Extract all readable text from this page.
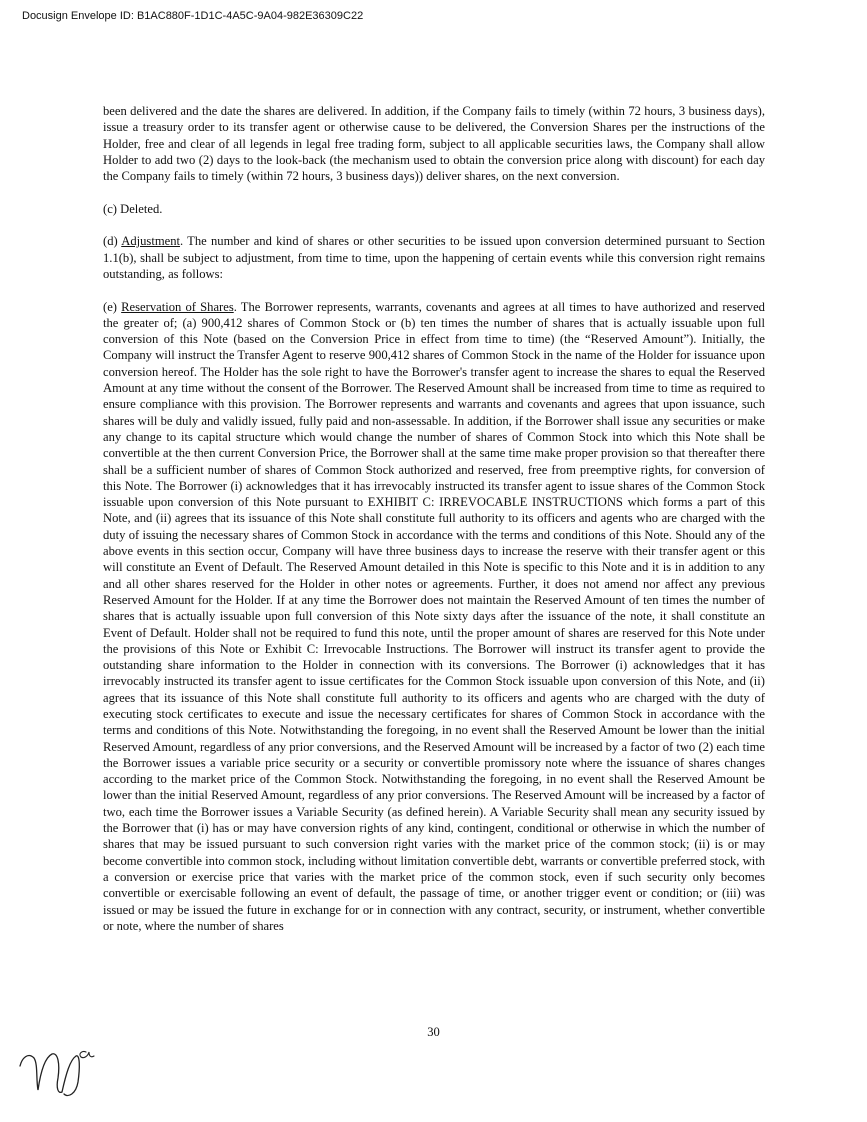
Docusign Envelope ID: B1AC880F-1D1C-4A5C-9A04-982E36309C22

been delivered and the date the shares are delivered. In addition, if the Company fails to timely (within 72 hours, 3 business days), issue a treasury order to its transfer agent or otherwise cause to be delivered, the Conversion Shares per the instructions of the Holder, free and clear of all legends in legal free trading form, subject to all applicable securities laws, the Company shall allow Holder to add two (2) days to the look-back (the mechanism used to obtain the conversion price along with discount) for each day the Company fails to timely (within 72 hours, 3 business days)) deliver shares, on the next conversion.

(c) Deleted.

(d) Adjustment. The number and kind of shares or other securities to be issued upon conversion determined pursuant to Section 1.1(b), shall be subject to adjustment, from time to time, upon the happening of certain events while this conversion right remains outstanding, as follows:

(e) Reservation of Shares. The Borrower represents, warrants, covenants and agrees at all times to have authorized and reserved the greater of; (a) 900,412 shares of Common Stock or (b) ten times the number of shares that is actually issuable upon full conversion of this Note (based on the Conversion Price in effect from time to time) (the “Reserved Amount”). Initially, the Company will instruct the Transfer Agent to reserve 900,412 shares of Common Stock in the name of the Holder for issuance upon conversion hereof. The Holder has the sole right to have the Borrower's transfer agent to increase the shares to equal the Reserved Amount at any time without the consent of the Borrower. The Reserved Amount shall be increased from time to time as required to ensure compliance with this provision. The Borrower represents and warrants and covenants and agrees that upon issuance, such shares will be duly and validly issued, fully paid and non-assessable. In addition, if the Borrower shall issue any securities or make any change to its capital structure which would change the number of shares of Common Stock into which this Note shall be convertible at the then current Conversion Price, the Borrower shall at the same time make proper provision so that thereafter there shall be a sufficient number of shares of Common Stock authorized and reserved, free from preemptive rights, for conversion of this Note. The Borrower (i) acknowledges that it has irrevocably instructed its transfer agent to issue shares of the Common Stock issuable upon conversion of this Note pursuant to EXHIBIT C: IRREVOCABLE INSTRUCTIONS which forms a part of this Note, and (ii) agrees that its issuance of this Note shall constitute full authority to its officers and agents who are charged with the duty of issuing the necessary shares of Common Stock in accordance with the terms and conditions of this Note. Should any of the above events in this section occur, Company will have three business days to increase the reserve with their transfer agent or this will constitute an Event of Default. The Reserved Amount detailed in this Note is specific to this Note and it is in addition to any and all other shares reserved for the Holder in other notes or agreements. Further, it does not amend nor affect any previous Reserved Amount for the Holder. If at any time the Borrower does not maintain the Reserved Amount of ten times the number of shares that is actually issuable upon full conversion of this Note sixty days after the issuance of the note, it shall constitute an Event of Default. Holder shall not be required to fund this note, until the proper amount of shares are reserved for this Note under the provisions of this Note or Exhibit C: Irrevocable Instructions. The Borrower will instruct its transfer agent to provide the outstanding share information to the Holder in connection with its conversions. The Borrower (i) acknowledges that it has irrevocably instructed its transfer agent to issue certificates for the Common Stock issuable upon conversion of this Note, and (ii) agrees that its issuance of this Note shall constitute full authority to its officers and agents who are charged with the duty of executing stock certificates to execute and issue the necessary certificates for shares of Common Stock in accordance with the terms and conditions of this Note. Notwithstanding the foregoing, in no event shall the Reserved Amount be lower than the initial Reserved Amount, regardless of any prior conversions, and the Reserved Amount will be increased by a factor of two (2) each time the Borrower issues a variable price security or a security or convertible promissory note where the issuance of shares changes according to the market price of the Common Stock. Notwithstanding the foregoing, in no event shall the Reserved Amount be lower than the initial Reserved Amount, regardless of any prior conversions. The Reserved Amount will be increased by a factor of two, each time the Borrower issues a Variable Security (as defined herein). A Variable Security shall mean any security issued by the Borrower that (i) has or may have conversion rights of any kind, contingent, conditional or otherwise in which the number of shares that may be issued pursuant to such conversion right varies with the market price of the common stock; (ii) is or may become convertible into common stock, including without limitation convertible debt, warrants or convertible preferred stock, with a conversion or exercise price that varies with the market price of the common stock, even if such security only becomes convertible or exercisable following an event of default, the passage of time, or another trigger event or condition; or (iii) was issued or may be issued the future in exchange for or in connection with any contract, security, or instrument, whether convertible or note, where the number of shares

30
